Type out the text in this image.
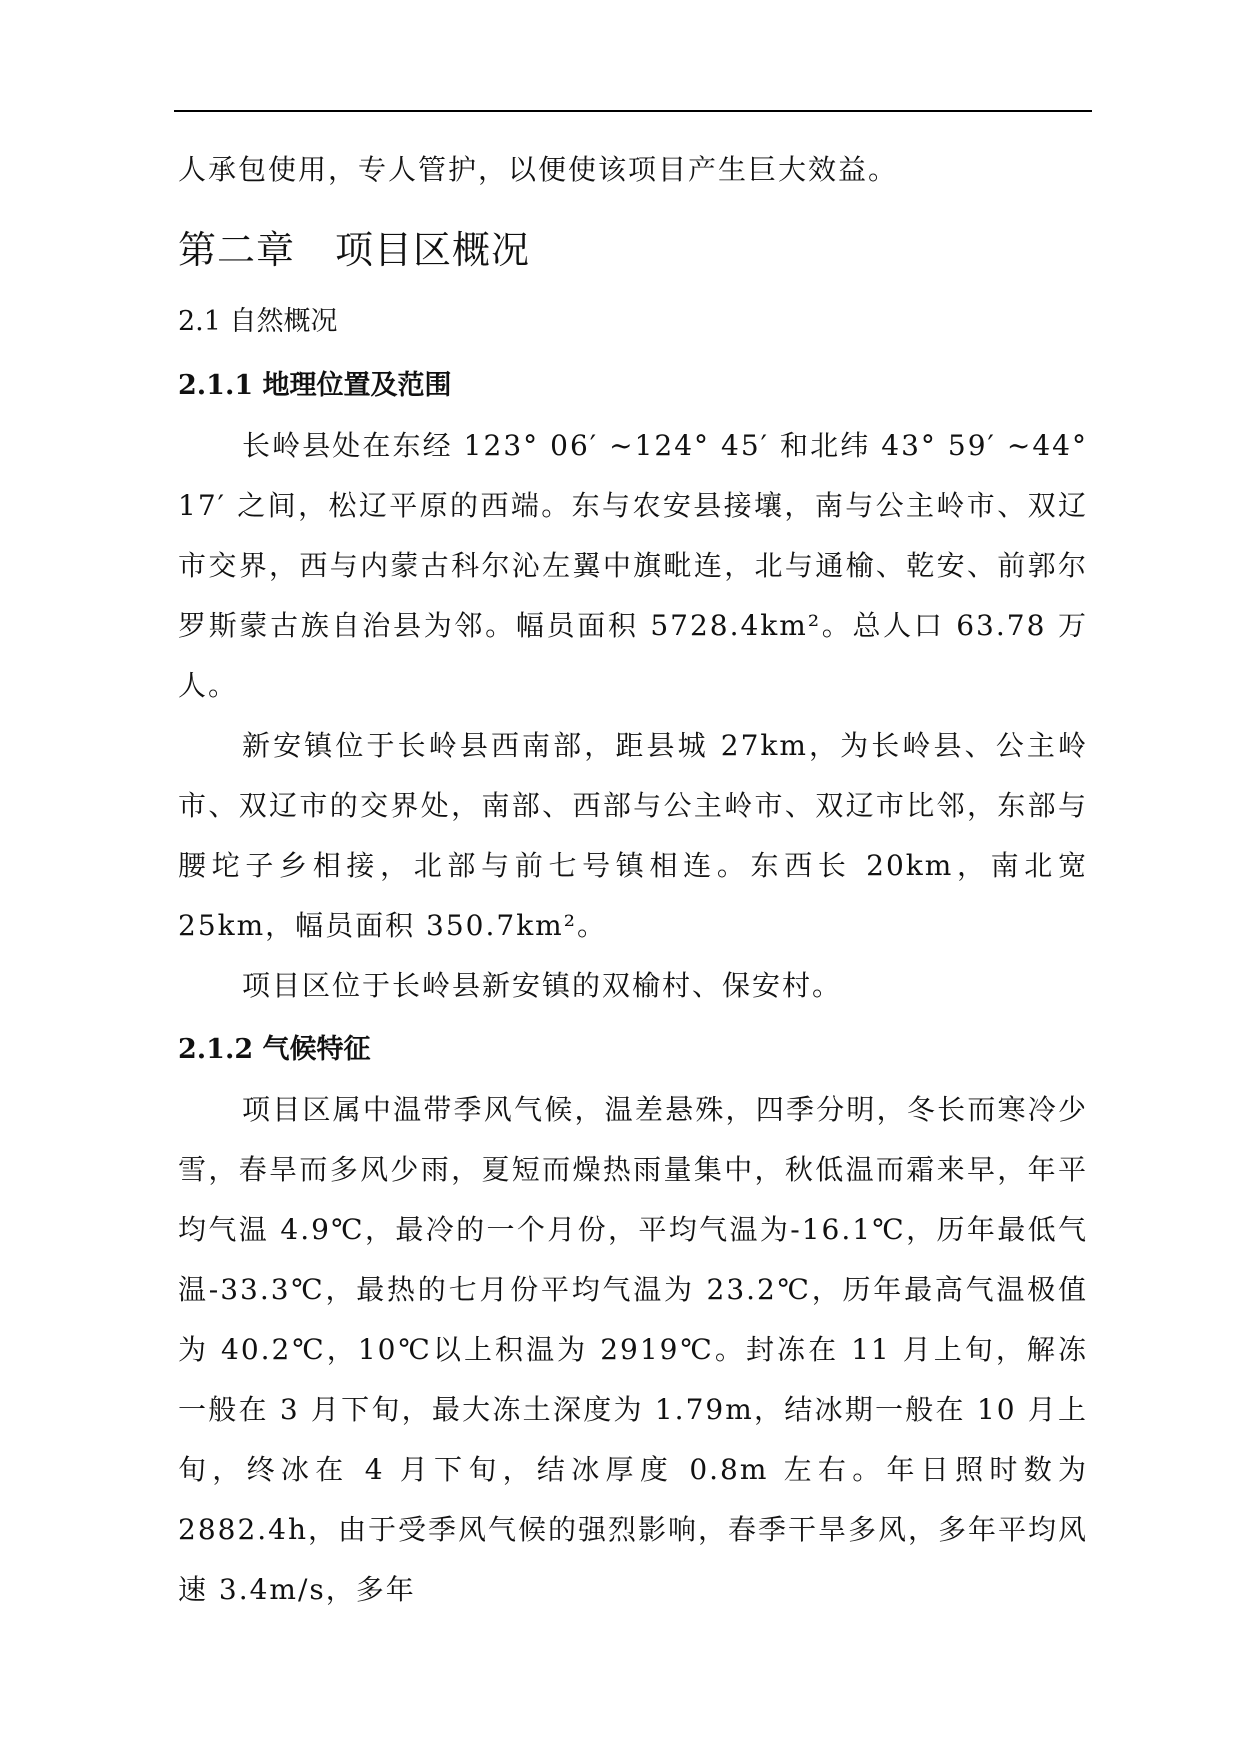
人承包使用，专人管护，以便使该项目产生巨大效益。

第二章 项目区概况
2.1 自然概况
2.1.1 地理位置及范围

长岭县处在东经 123° 06′ ~124° 45′ 和北纬 43° 59′ ~44° 17′ 之间，松辽平原的西端。东与农安县接壤，南与公主岭市、双辽市交界，西与内蒙古科尔沁左翼中旗毗连，北与通榆、乾安、前郭尔罗斯蒙古族自治县为邻。幅员面积 5728.4km²。总人口 63.78 万人。

新安镇位于长岭县西南部，距县城 27km，为长岭县、公主岭市、双辽市的交界处，南部、西部与公主岭市、双辽市比邻，东部与腰坨子乡相接，北部与前七号镇相连。东西长 20km，南北宽 25km，幅员面积 350.7km²。

项目区位于长岭县新安镇的双榆村、保安村。

2.1.2 气候特征

项目区属中温带季风气候，温差悬殊，四季分明，冬长而寒冷少雪，春旱而多风少雨，夏短而燥热雨量集中，秋低温而霜来早，年平均气温 4.9℃，最冷的一个月份，平均气温为-16.1℃，历年最低气温-33.3℃，最热的七月份平均气温为 23.2℃，历年最高气温极值为 40.2℃，10℃以上积温为 2919℃。封冻在 11 月上旬，解冻一般在 3 月下旬，最大冻土深度为 1.79m，结冰期一般在 10 月上旬，终冰在 4 月下旬，结冰厚度 0.8m 左右。年日照时数为 2882.4h，由于受季风气候的强烈影响，春季干旱多风，多年平均风速 3.4m/s，多年
